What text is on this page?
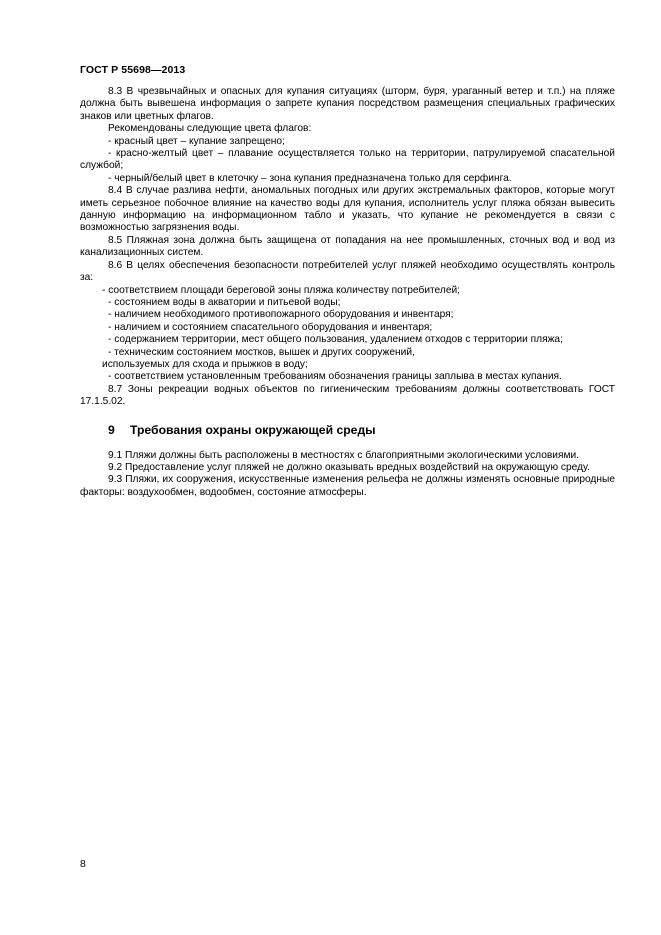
ГОСТ Р 55698—2013

8.3 В чрезвычайных и опасных для купания ситуациях (шторм, буря, ураганный ветер и т.п.) на пляже должна быть вывешена информация о запрете купания посредством размещения специальных графических знаков или цветных флагов.

Рекомендованы следующие цвета флагов:

- красный цвет – купание запрещено;

- красно-желтый цвет – плавание осуществляется только на территории, патрулируемой спасательной службой;

- черный/белый цвет в клеточку – зона купания предназначена только для серфинга.

8.4 В случае разлива нефти, аномальных погодных или других экстремальных факторов, которые могут иметь серьезное побочное влияние на качество воды для купания, исполнитель услуг пляжа обязан вывесить данную информацию на информационном табло и указать, что купание не рекомендуется в связи с возможностью загрязнения воды.

8.5 Пляжная зона должна быть защищена от попадания на нее промышленных, сточных вод и вод из канализационных систем.

8.6 В целях обеспечения безопасности потребителей услуг пляжей необходимо осуществлять контроль за:

- соответствием площади береговой зоны пляжа количеству потребителей;

- состоянием воды в акватории и питьевой воды;

- наличием необходимого противопожарного оборудования и инвентаря;

- наличием и состоянием спасательного оборудования и инвентаря;

- содержанием территории, мест общего пользования, удалением отходов с территории пляжа;

- техническим состоянием мостков, вышек и других сооружений,

используемых для схода и прыжков в воду;

- соответствием установленным требованиям обозначения границы заплыва в местах купания.

8.7 Зоны рекреации водных объектов по гигиеническим требованиям должны соответствовать ГОСТ 17.1.5.02.

9 Требования охраны окружающей среды

9.1 Пляжи должны быть расположены в местностях с благоприятными экологическими условиями.

9.2 Предоставление услуг пляжей не должно оказывать вредных воздействий на окружающую среду.

9.3 Пляжи, их сооружения, искусственные изменения рельефа не должны изменять основные природные факторы: воздухообмен, водообмен, состояние атмосферы.

8
